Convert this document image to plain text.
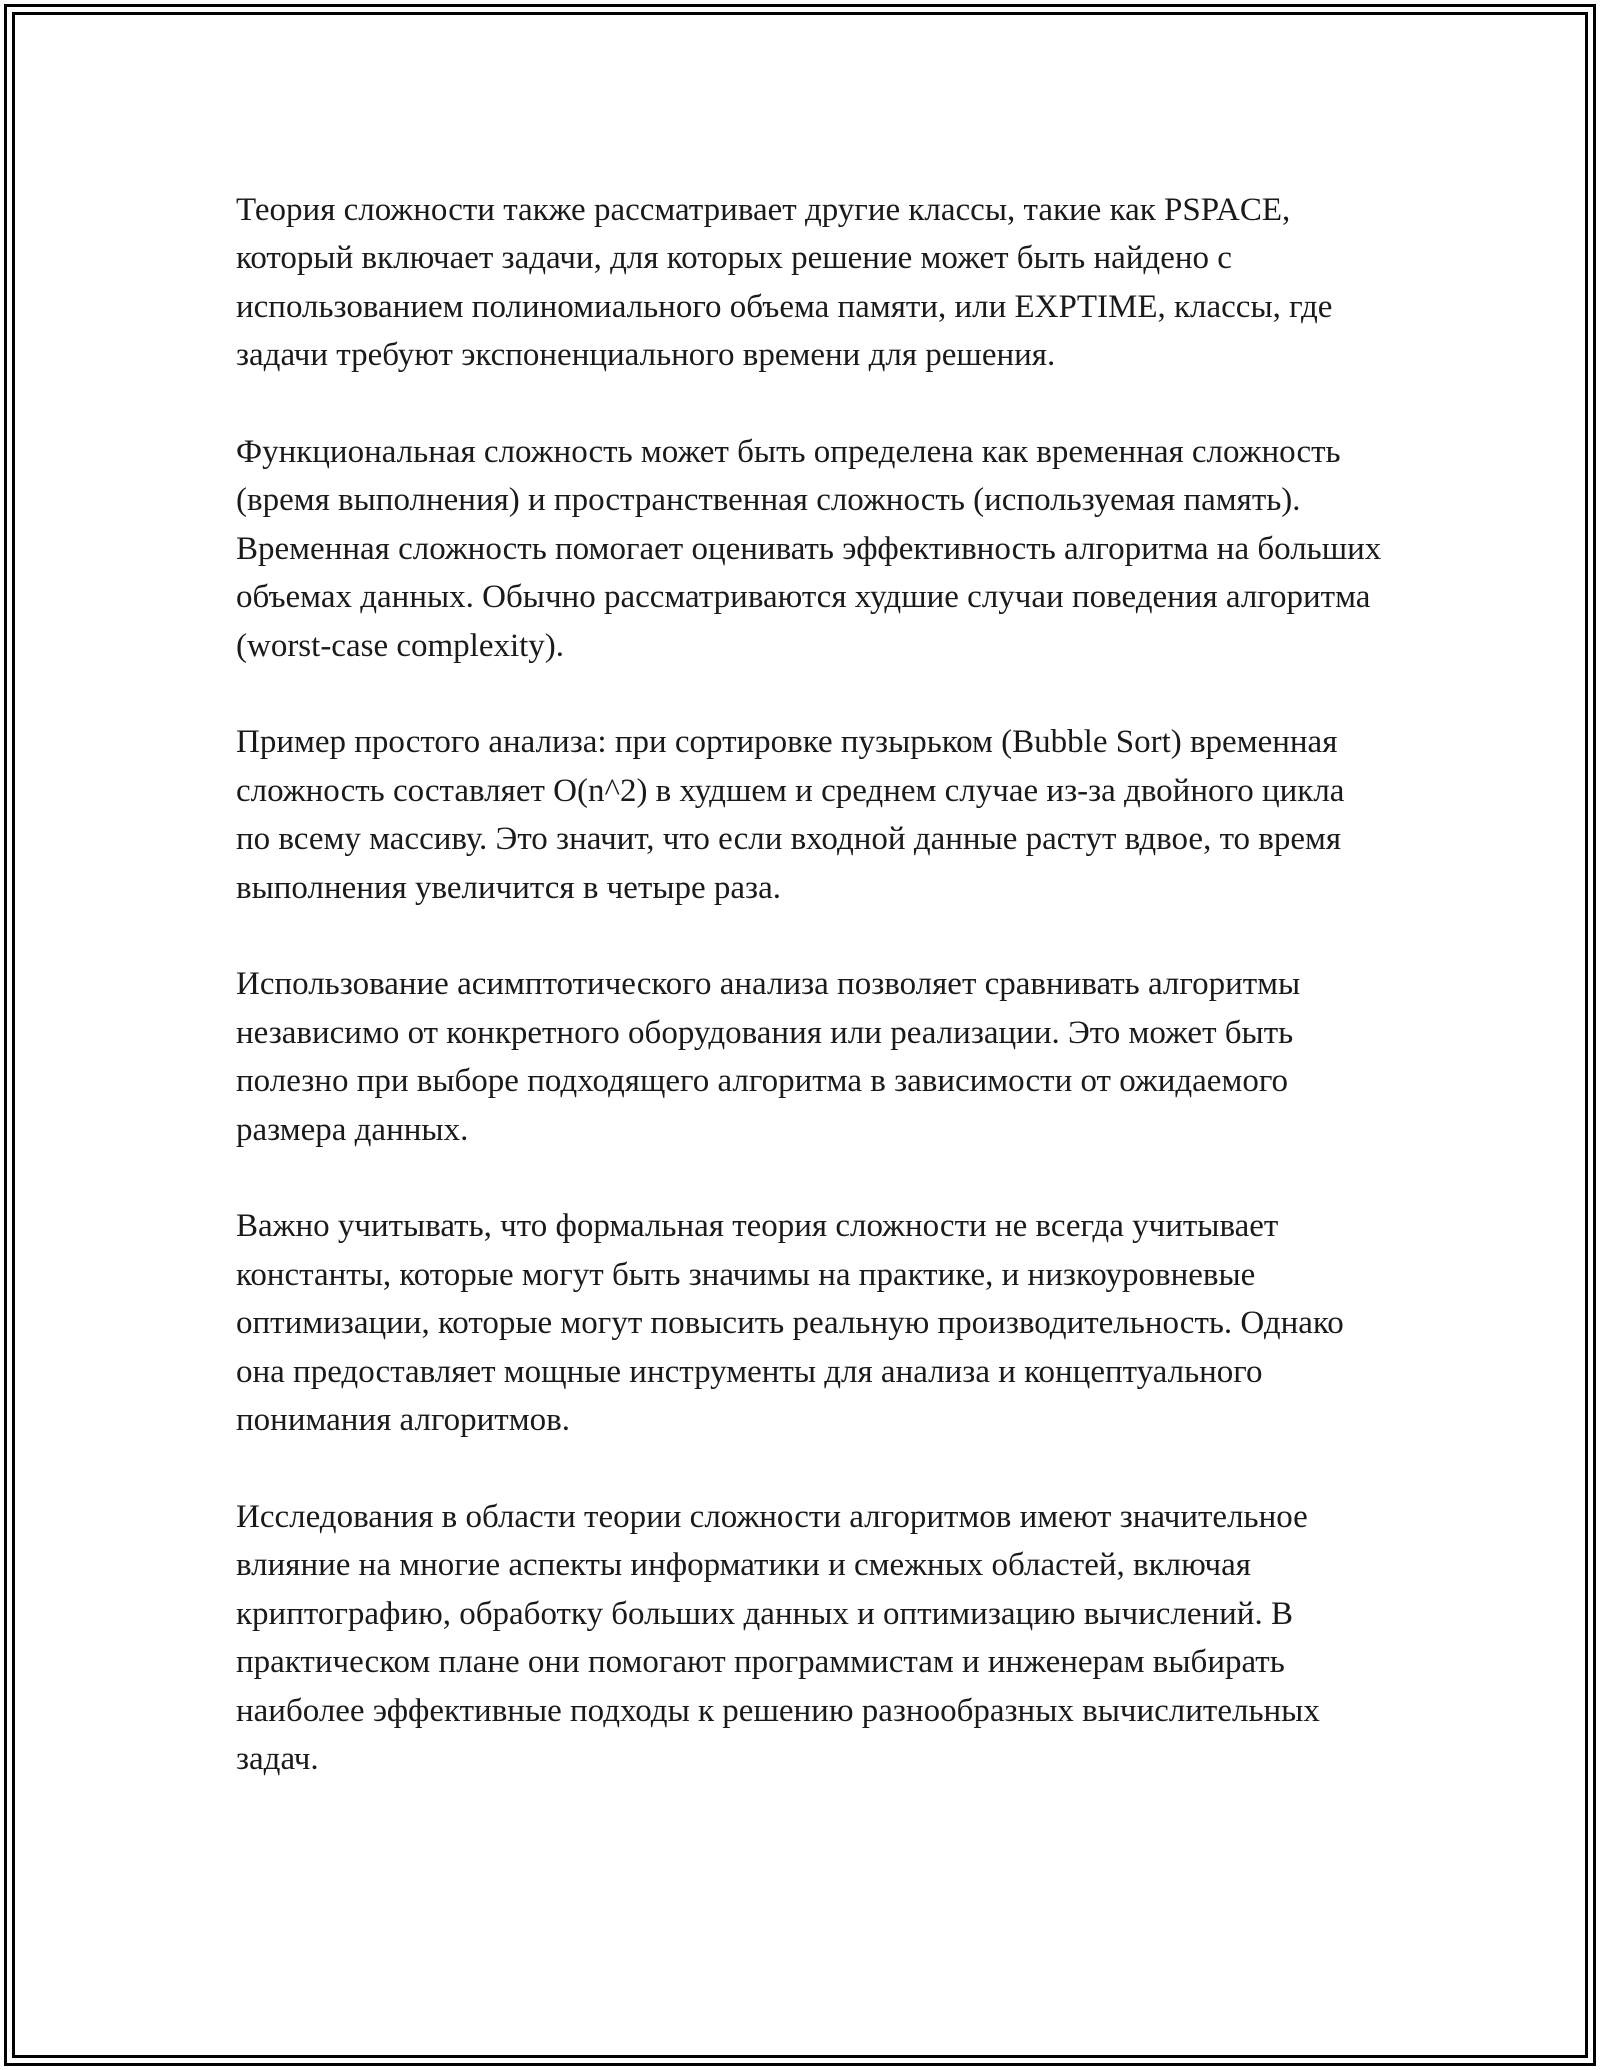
Теория сложности также рассматривает другие классы, такие как PSPACE, который включает задачи, для которых решение может быть найдено с использованием полиномиального объема памяти, или EXPTIME, классы, где задачи требуют экспоненциального времени для решения.

Функциональная сложность может быть определена как временная сложность (время выполнения) и пространственная сложность (используемая память). Временная сложность помогает оценивать эффективность алгоритма на больших объемах данных. Обычно рассматриваются худшие случаи поведения алгоритма (worst-case complexity).

Пример простого анализа: при сортировке пузырьком (Bubble Sort) временная сложность составляет O(n^2) в худшем и среднем случае из-за двойного цикла по всему массиву. Это значит, что если входной данные растут вдвое, то время выполнения увеличится в четыре раза.

Использование асимптотического анализа позволяет сравнивать алгоритмы независимо от конкретного оборудования или реализации. Это может быть полезно при выборе подходящего алгоритма в зависимости от ожидаемого размера данных.

Важно учитывать, что формальная теория сложности не всегда учитывает константы, которые могут быть значимы на практике, и низкоуровневые оптимизации, которые могут повысить реальную производительность. Однако она предоставляет мощные инструменты для анализа и концептуального понимания алгоритмов.

Исследования в области теории сложности алгоритмов имеют значительное влияние на многие аспекты информатики и смежных областей, включая криптографию, обработку больших данных и оптимизацию вычислений. В практическом плане они помогают программистам и инженерам выбирать наиболее эффективные подходы к решению разнообразных вычислительных задач.
